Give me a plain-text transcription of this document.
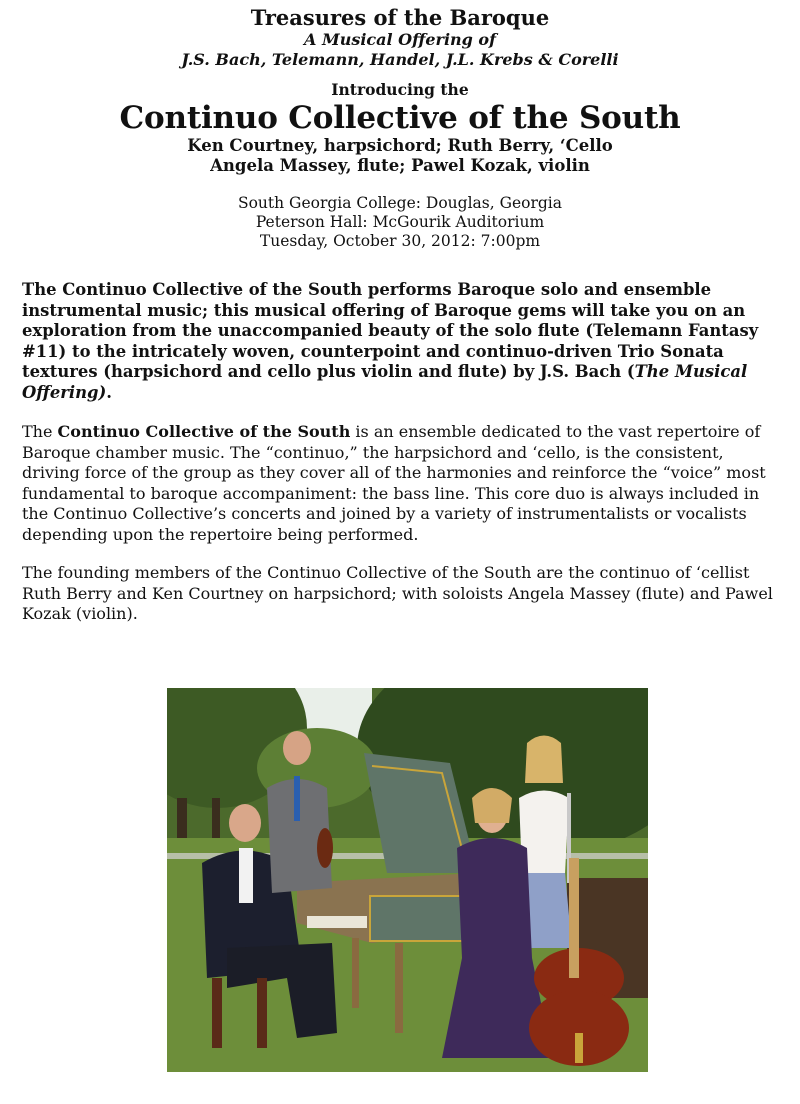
Treasures of the Baroque
A Musical Offering of
J.S. Bach, Telemann, Handel, J.L. Krebs & Corelli
Introducing the
Continuo Collective of the South
Ken Courtney, harpsichord; Ruth Berry, ‘Cello
Angela Massey, flute; Pawel Kozak, violin
South Georgia College: Douglas, Georgia
Peterson Hall: McGourik Auditorium
Tuesday, October 30, 2012: 7:00pm
The Continuo Collective of the South performs Baroque solo and ensemble instrumental music; this musical offering of Baroque gems will take you on an exploration from the unaccompanied beauty of the solo flute (Telemann Fantasy #11) to the intricately woven, counterpoint and continuo-driven Trio Sonata textures (harpsichord and cello plus violin and flute) by J.S. Bach (The Musical Offering).
The Continuo Collective of the South is an ensemble dedicated to the vast repertoire of Baroque chamber music. The “continuo,” the harpsichord and ‘cello, is the consistent, driving force of the group as they cover all of the harmonies and reinforce the “voice” most fundamental to baroque accompaniment: the bass line. This core duo is always included in the Continuo Collective’s concerts and joined by a variety of instrumentalists or vocalists depending upon the repertoire being performed.
The founding members of the Continuo Collective of the South are the continuo of ‘cellist Ruth Berry and Ken Courtney on harpsichord; with soloists Angela Massey (flute) and Pawel Kozak (violin).
